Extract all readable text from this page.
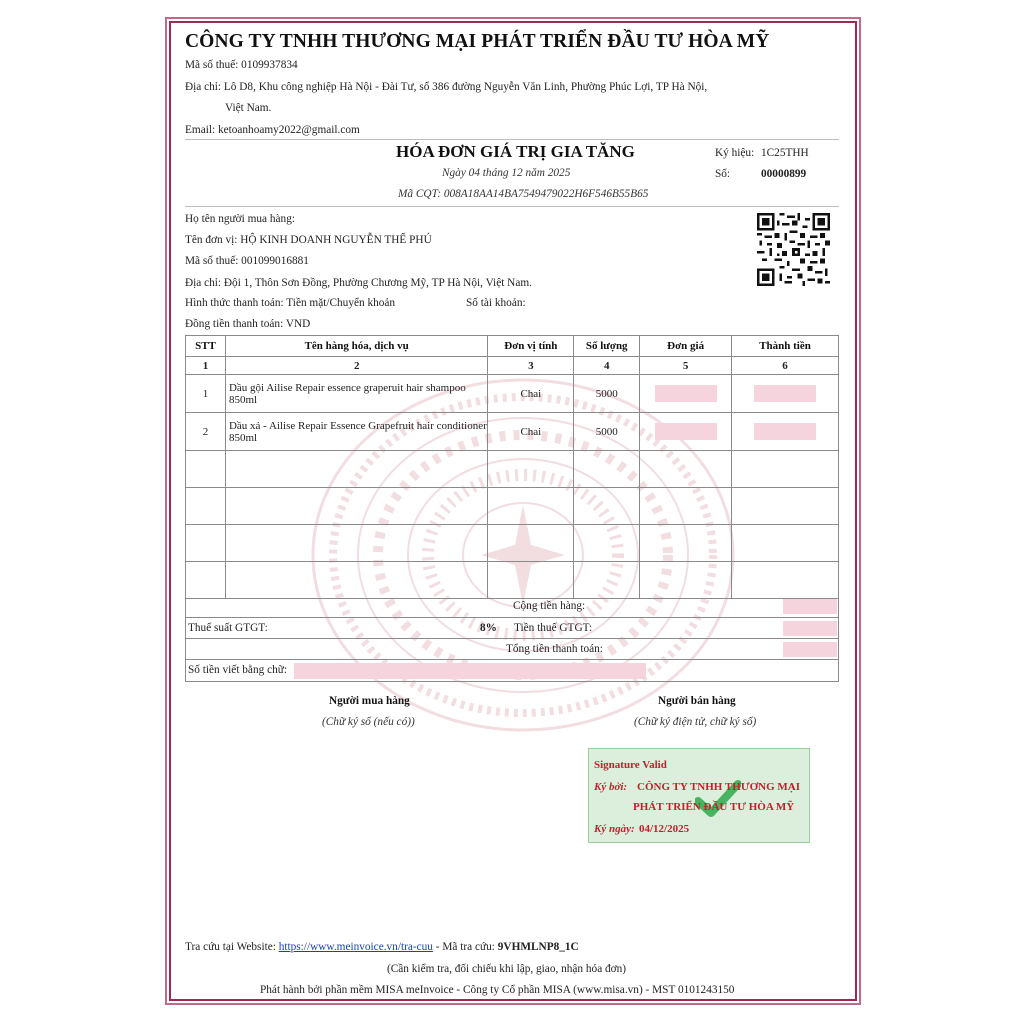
CÔNG TY TNHH THƯƠNG MẠI PHÁT TRIỂN ĐẦU TƯ HÒA MỸ
Mã số thuế: 0109937834
Địa chỉ: Lô D8, Khu công nghiệp Hà Nội - Đài Tư, số 386 đường Nguyễn Văn Linh, Phường Phúc Lợi, TP Hà Nội,
Việt Nam.
Email: ketoanhoamy2022@gmail.com
HÓA ĐƠN GIÁ TRỊ GIA TĂNG
Ngày 04 tháng 12 năm 2025
Mã CQT: 008A18AA14BA7549479022H6F546B55B65
Ký hiệu: 1C25THH
Số:	00000899
Họ tên người mua hàng:
Tên đơn vị: HỘ KINH DOANH NGUYỄN THẾ PHÚ
Mã số thuế: 001099016881
Địa chỉ: Đội 1, Thôn Sơn Đồng, Phường Chương Mỹ, TP Hà Nội, Việt Nam.
Hình thức thanh toán: Tiền mặt/Chuyển khoản	Số tài khoản:
Đồng tiền thanh toán: VND
STT	Tên hàng hóa, dịch vụ	Đơn vị tính	Số lượng	Đơn giá	Thành tiền
1	2	3	4	5	6
1	Dầu gội Ailise Repair essence graperuit hair shampoo 850ml	Chai	5000		
2	Dầu xả - Ailise Repair Essence Grapefruit hair conditioner 850ml	Chai	5000		

Cộng tiền hàng:
Thuế suất GTGT:	8% Tiền thuế GTGT:
Tổng tiền thanh toán:
Số tiền viết bằng chữ:
Người mua hàng
(Chữ ký số (nếu có))
Người bán hàng
(Chữ ký điện tử, chữ ký số)
Signature Valid
Ký bởi: CÔNG TY TNHH THƯƠNG MẠI
PHÁT TRIỂN ĐẦU TƯ HÒA MỸ
Ký ngày: 04/12/2025
Tra cứu tại Website: https://www.meinvoice.vn/tra-cuu - Mã tra cứu: 9VHMLNP8_1C
(Cần kiểm tra, đối chiếu khi lập, giao, nhận hóa đơn)
Phát hành bởi phần mềm MISA meInvoice - Công ty Cổ phần MISA (www.misa.vn) - MST 0101243150
